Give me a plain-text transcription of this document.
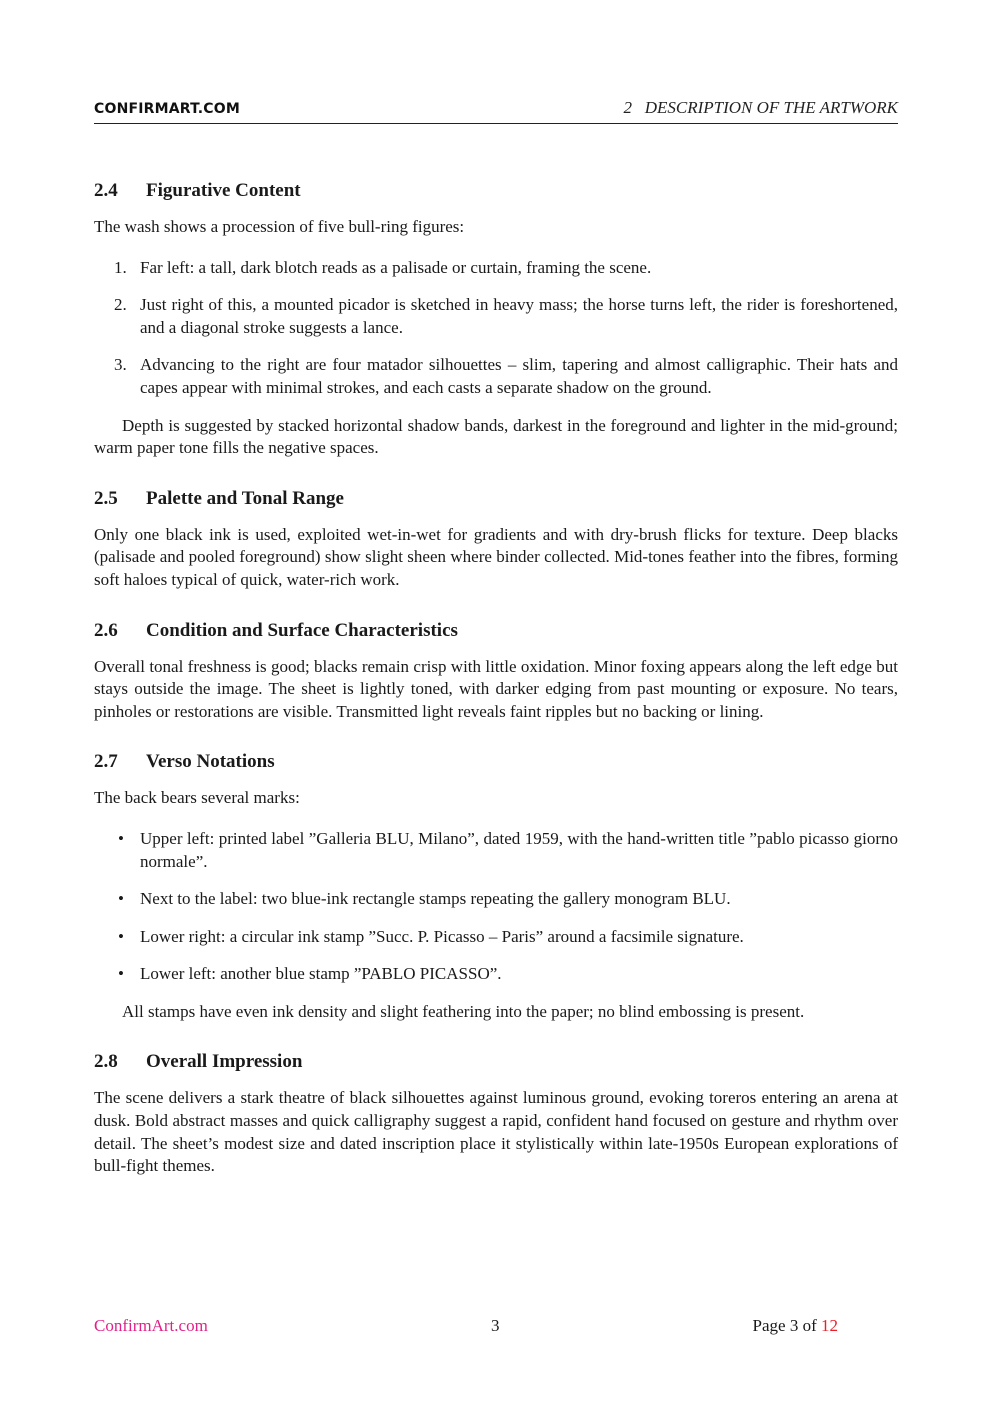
CONFIRMART.COM	2   DESCRIPTION OF THE ARTWORK
2.4 Figurative Content

The wash shows a procession of five bull-ring figures:

1. Far left: a tall, dark blotch reads as a palisade or curtain, framing the scene.
2. Just right of this, a mounted picador is sketched in heavy mass; the horse turns left, the rider is foreshortened, and a diagonal stroke suggests a lance.
3. Advancing to the right are four matador silhouettes – slim, tapering and almost calligraphic. Their hats and capes appear with minimal strokes, and each casts a separate shadow on the ground.

Depth is suggested by stacked horizontal shadow bands, darkest in the foreground and lighter in the mid-ground; warm paper tone fills the negative spaces.

2.5 Palette and Tonal Range

Only one black ink is used, exploited wet-in-wet for gradients and with dry-brush flicks for texture. Deep blacks (palisade and pooled foreground) show slight sheen where binder collected. Mid-tones feather into the fibres, forming soft haloes typical of quick, water-rich work.

2.6 Condition and Surface Characteristics

Overall tonal freshness is good; blacks remain crisp with little oxidation. Minor foxing appears along the left edge but stays outside the image. The sheet is lightly toned, with darker edging from past mounting or exposure. No tears, pinholes or restorations are visible. Transmitted light reveals faint ripples but no backing or lining.

2.7 Verso Notations

The back bears several marks:

• Upper left: printed label ”Galleria BLU, Milano”, dated 1959, with the hand-written title ”pablo picasso giorno normale”.
• Next to the label: two blue-ink rectangle stamps repeating the gallery monogram BLU.
• Lower right: a circular ink stamp ”Succ. P. Picasso – Paris” around a facsimile signature.
• Lower left: another blue stamp ”PABLO PICASSO”.

All stamps have even ink density and slight feathering into the paper; no blind embossing is present.

2.8 Overall Impression

The scene delivers a stark theatre of black silhouettes against luminous ground, evoking toreros entering an arena at dusk. Bold abstract masses and quick calligraphy suggest a rapid, confident hand focused on gesture and rhythm over detail. The sheet’s modest size and dated inscription place it stylistically within late-1950s European explorations of bull-fight themes.

ConfirmArt.com	3	Page 3 of 12
